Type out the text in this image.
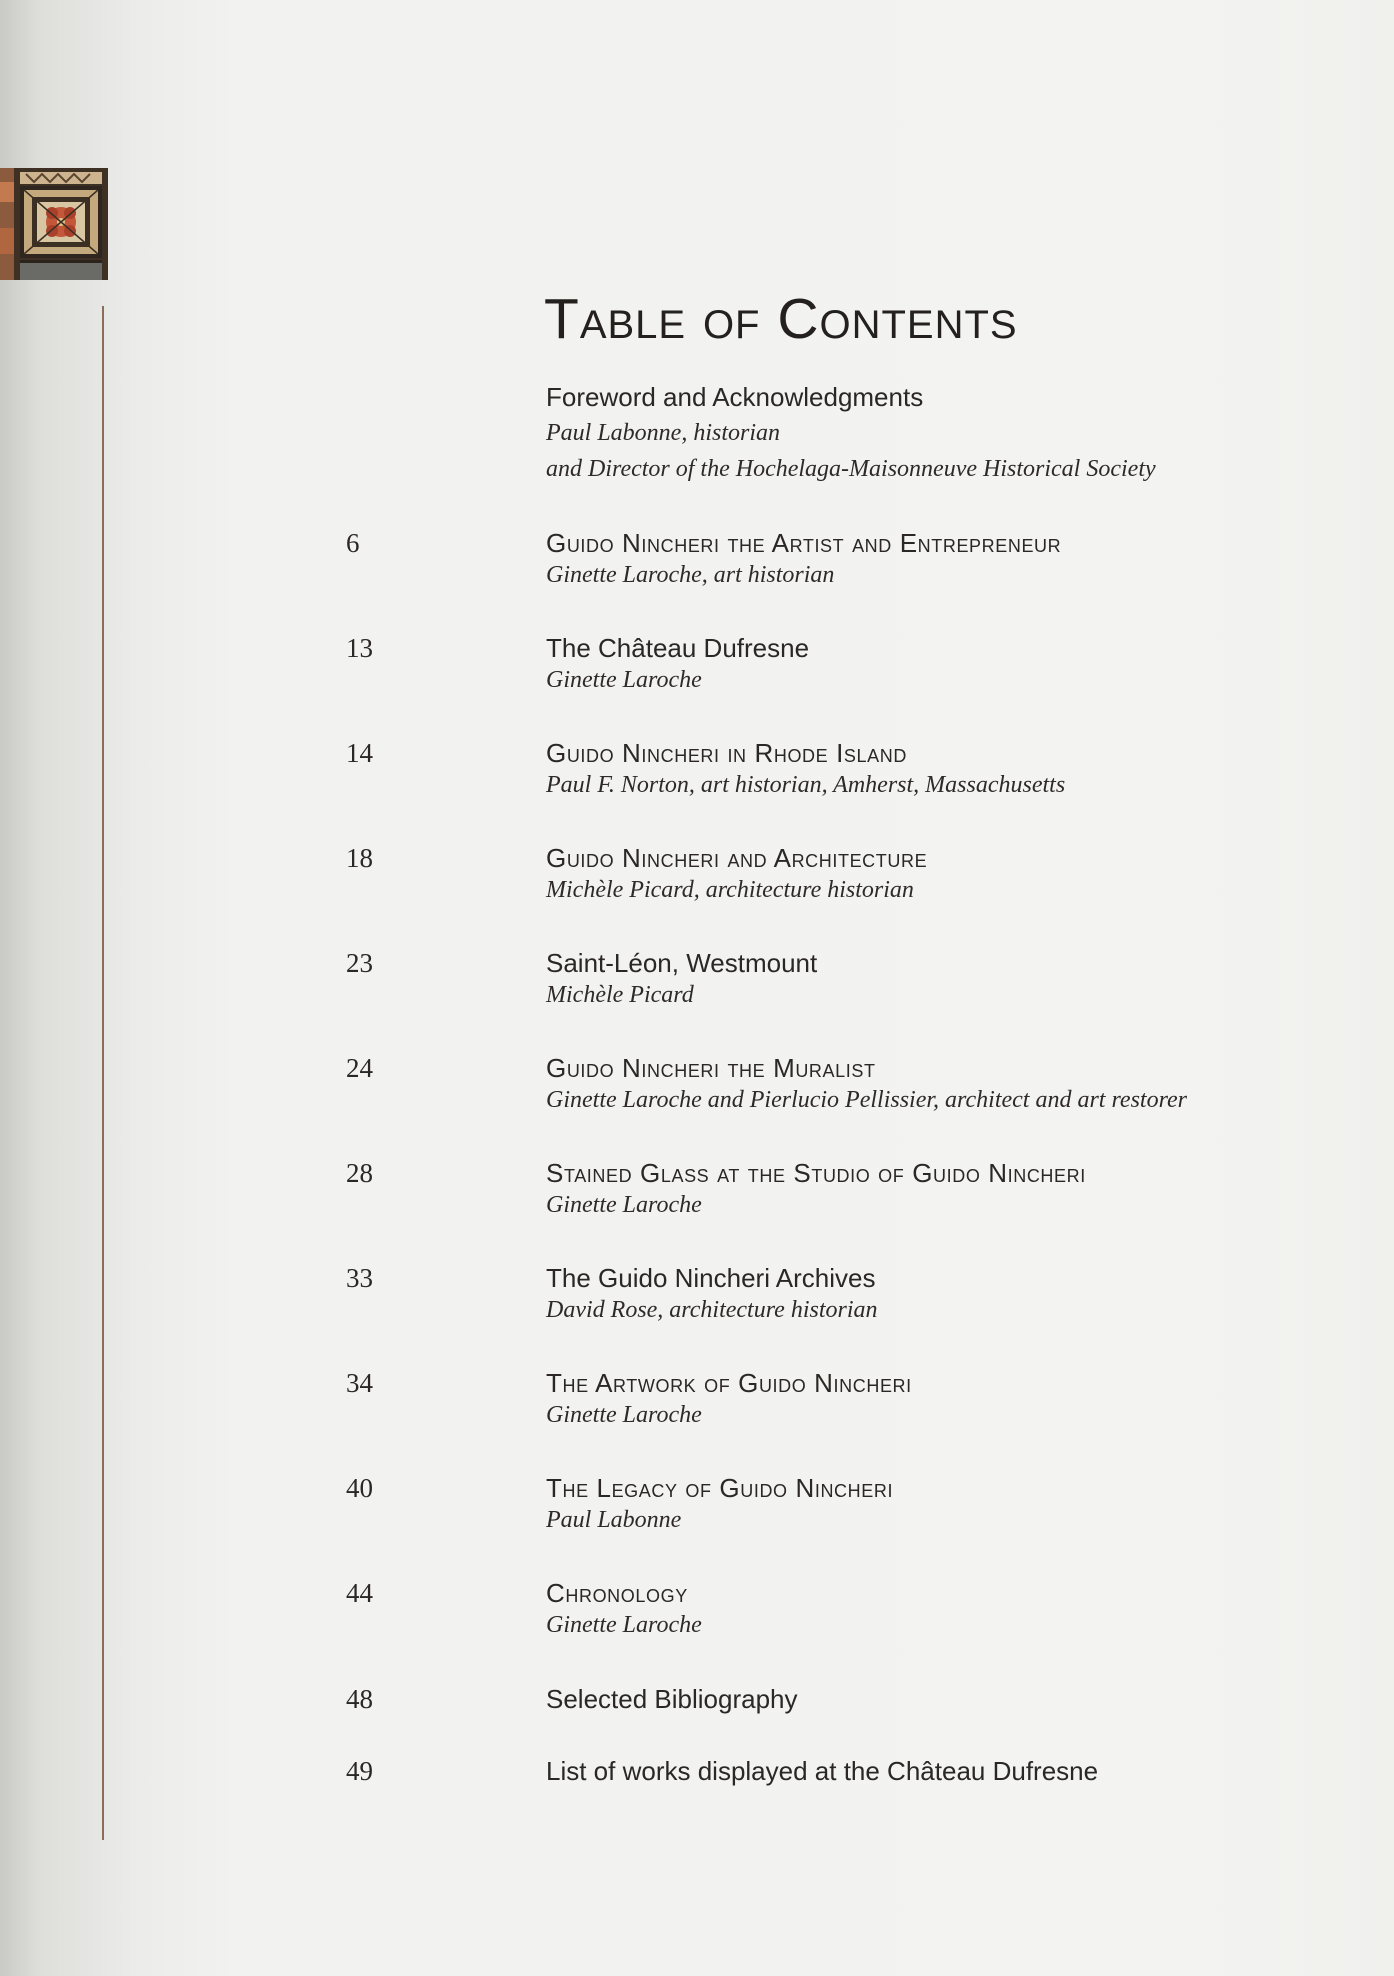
Table of Contents
Foreword and Acknowledgments
Paul Labonne, historian
and Director of the Hochelaga-Maisonneuve Historical Society
6	Guido Nincheri the Artist and Entrepreneur
Ginette Laroche, art historian
13	The Château Dufresne
Ginette Laroche
14	Guido Nincheri in Rhode Island
Paul F. Norton, art historian, Amherst, Massachusetts
18	Guido Nincheri and Architecture
Michèle Picard, architecture historian
23	Saint-Léon, Westmount
Michèle Picard
24	Guido Nincheri the Muralist
Ginette Laroche and Pierlucio Pellissier, architect and art restorer
28	Stained Glass at the Studio of Guido Nincheri
Ginette Laroche
33	The Guido Nincheri Archives
David Rose, architecture historian
34	The Artwork of Guido Nincheri
Ginette Laroche
40	The Legacy of Guido Nincheri
Paul Labonne
44	Chronology
Ginette Laroche
48	Selected Bibliography
49	List of works displayed at the Château Dufresne
